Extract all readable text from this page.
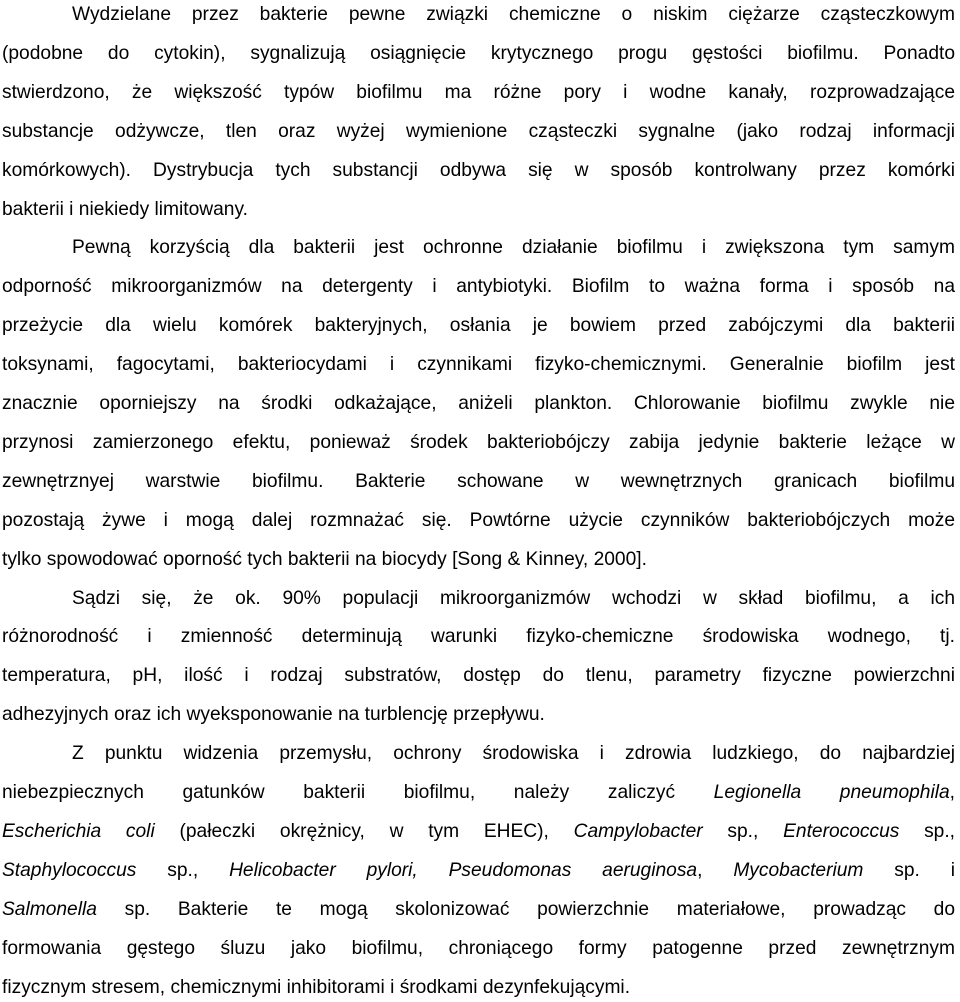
Wydzielane przez bakterie pewne związki chemiczne o niskim ciężarze cząsteczkowym
(podobne do cytokin), sygnalizują osiągnięcie krytycznego progu gęstości biofilmu. Ponadto
stwierdzono, że większość typów biofilmu ma różne pory i wodne kanały, rozprowadzające
substancje odżywcze, tlen oraz wyżej wymienione cząsteczki sygnalne (jako rodzaj informacji
komórkowych). Dystrybucja tych substancji odbywa się w sposób kontrolwany przez komórki
bakterii i niekiedy limitowany.
Pewną korzyścią dla bakterii jest ochronne działanie biofilmu i zwiększona tym samym
odporność mikroorganizmów na detergenty i antybiotyki. Biofilm to ważna forma i sposób na
przeżycie dla wielu komórek bakteryjnych, osłania je bowiem przed zabójczymi dla bakterii
toksynami, fagocytami, bakteriocydami i czynnikami fizyko-chemicznymi. Generalnie biofilm jest
znacznie oporniejszy na środki odkażające, aniżeli plankton. Chlorowanie biofilmu zwykle nie
przynosi zamierzonego efektu, ponieważ środek bakteriobójczy zabija jedynie bakterie leżące w
zewnętrznyej warstwie biofilmu. Bakterie schowane w wewnętrznych granicach biofilmu
pozostają żywe i mogą dalej rozmnażać się. Powtórne użycie czynników bakteriobójczych może
tylko spowodować oporność tych bakterii na biocydy [Song & Kinney, 2000].
Sądzi się, że ok. 90% populacji mikroorganizmów wchodzi w skład biofilmu, a ich
różnorodność i zmienność determinują warunki fizyko-chemiczne środowiska wodnego, tj.
temperatura, pH, ilość i rodzaj substratów, dostęp do tlenu, parametry fizyczne powierzchni
adhezyjnych oraz ich wyeksponowanie na turblencję przepływu.
Z punktu widzenia przemysłu, ochrony środowiska i zdrowia ludzkiego, do najbardziej
niebezpiecznych gatunków bakterii biofilmu, należy zaliczyć Legionella pneumophila,
Escherichia coli (pałeczki okrężnicy, w tym EHEC), Campylobacter sp., Enterococcus sp.,
Staphylococcus sp., Helicobacter pylori, Pseudomonas aeruginosa, Mycobacterium sp. i
Salmonella sp. Bakterie te mogą skolonizować powierzchnie materiałowe, prowadząc do
formowania gęstego śluzu jako biofilmu, chroniącego formy patogenne przed zewnętrznym
fizycznym stresem, chemicznymi inhibitorami i środkami dezynfekującymi.
